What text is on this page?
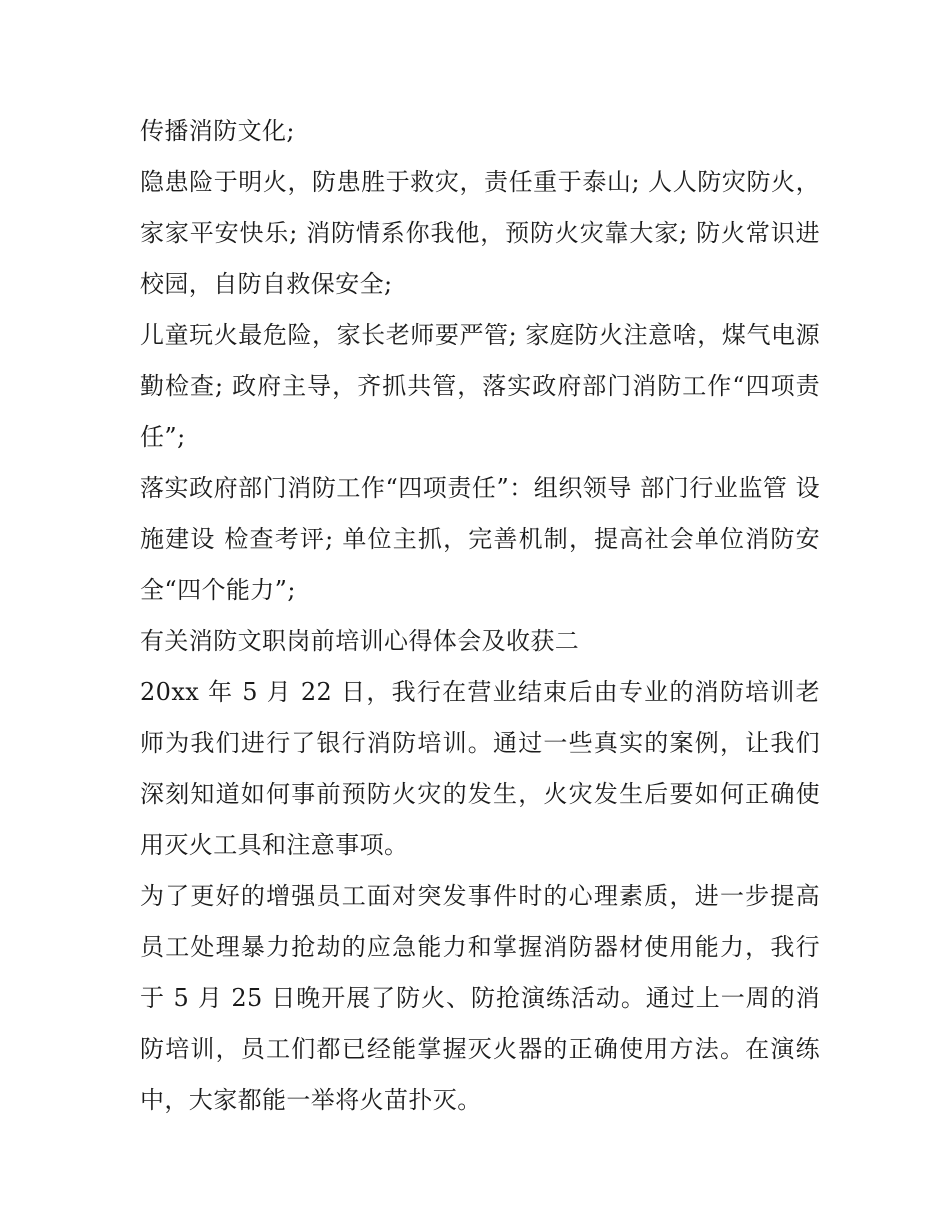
传播消防文化;

隐患险于明火，防患胜于救灾，责任重于泰山; 人人防灾防火，家家平安快乐; 消防情系你我他，预防火灾靠大家; 防火常识进校园，自防自救保安全;

儿童玩火最危险，家长老师要严管; 家庭防火注意啥，煤气电源勤检查; 政府主导，齐抓共管，落实政府部门消防工作“四项责任”;

落实政府部门消防工作“四项责任”：组织领导 部门行业监管 设施建设 检查考评; 单位主抓，完善机制，提高社会单位消防安全“四个能力”;

有关消防文职岗前培训心得体会及收获二

20xx 年 5 月 22 日，我行在营业结束后由专业的消防培训老师为我们进行了银行消防培训。通过一些真实的案例，让我们深刻知道如何事前预防火灾的发生，火灾发生后要如何正确使用灭火工具和注意事项。

为了更好的增强员工面对突发事件时的心理素质，进一步提高员工处理暴力抢劫的应急能力和掌握消防器材使用能力，我行于 5 月 25 日晚开展了防火、防抢演练活动。通过上一周的消防培训，员工们都已经能掌握灭火器的正确使用方法。在演练中，大家都能一举将火苗扑灭。
